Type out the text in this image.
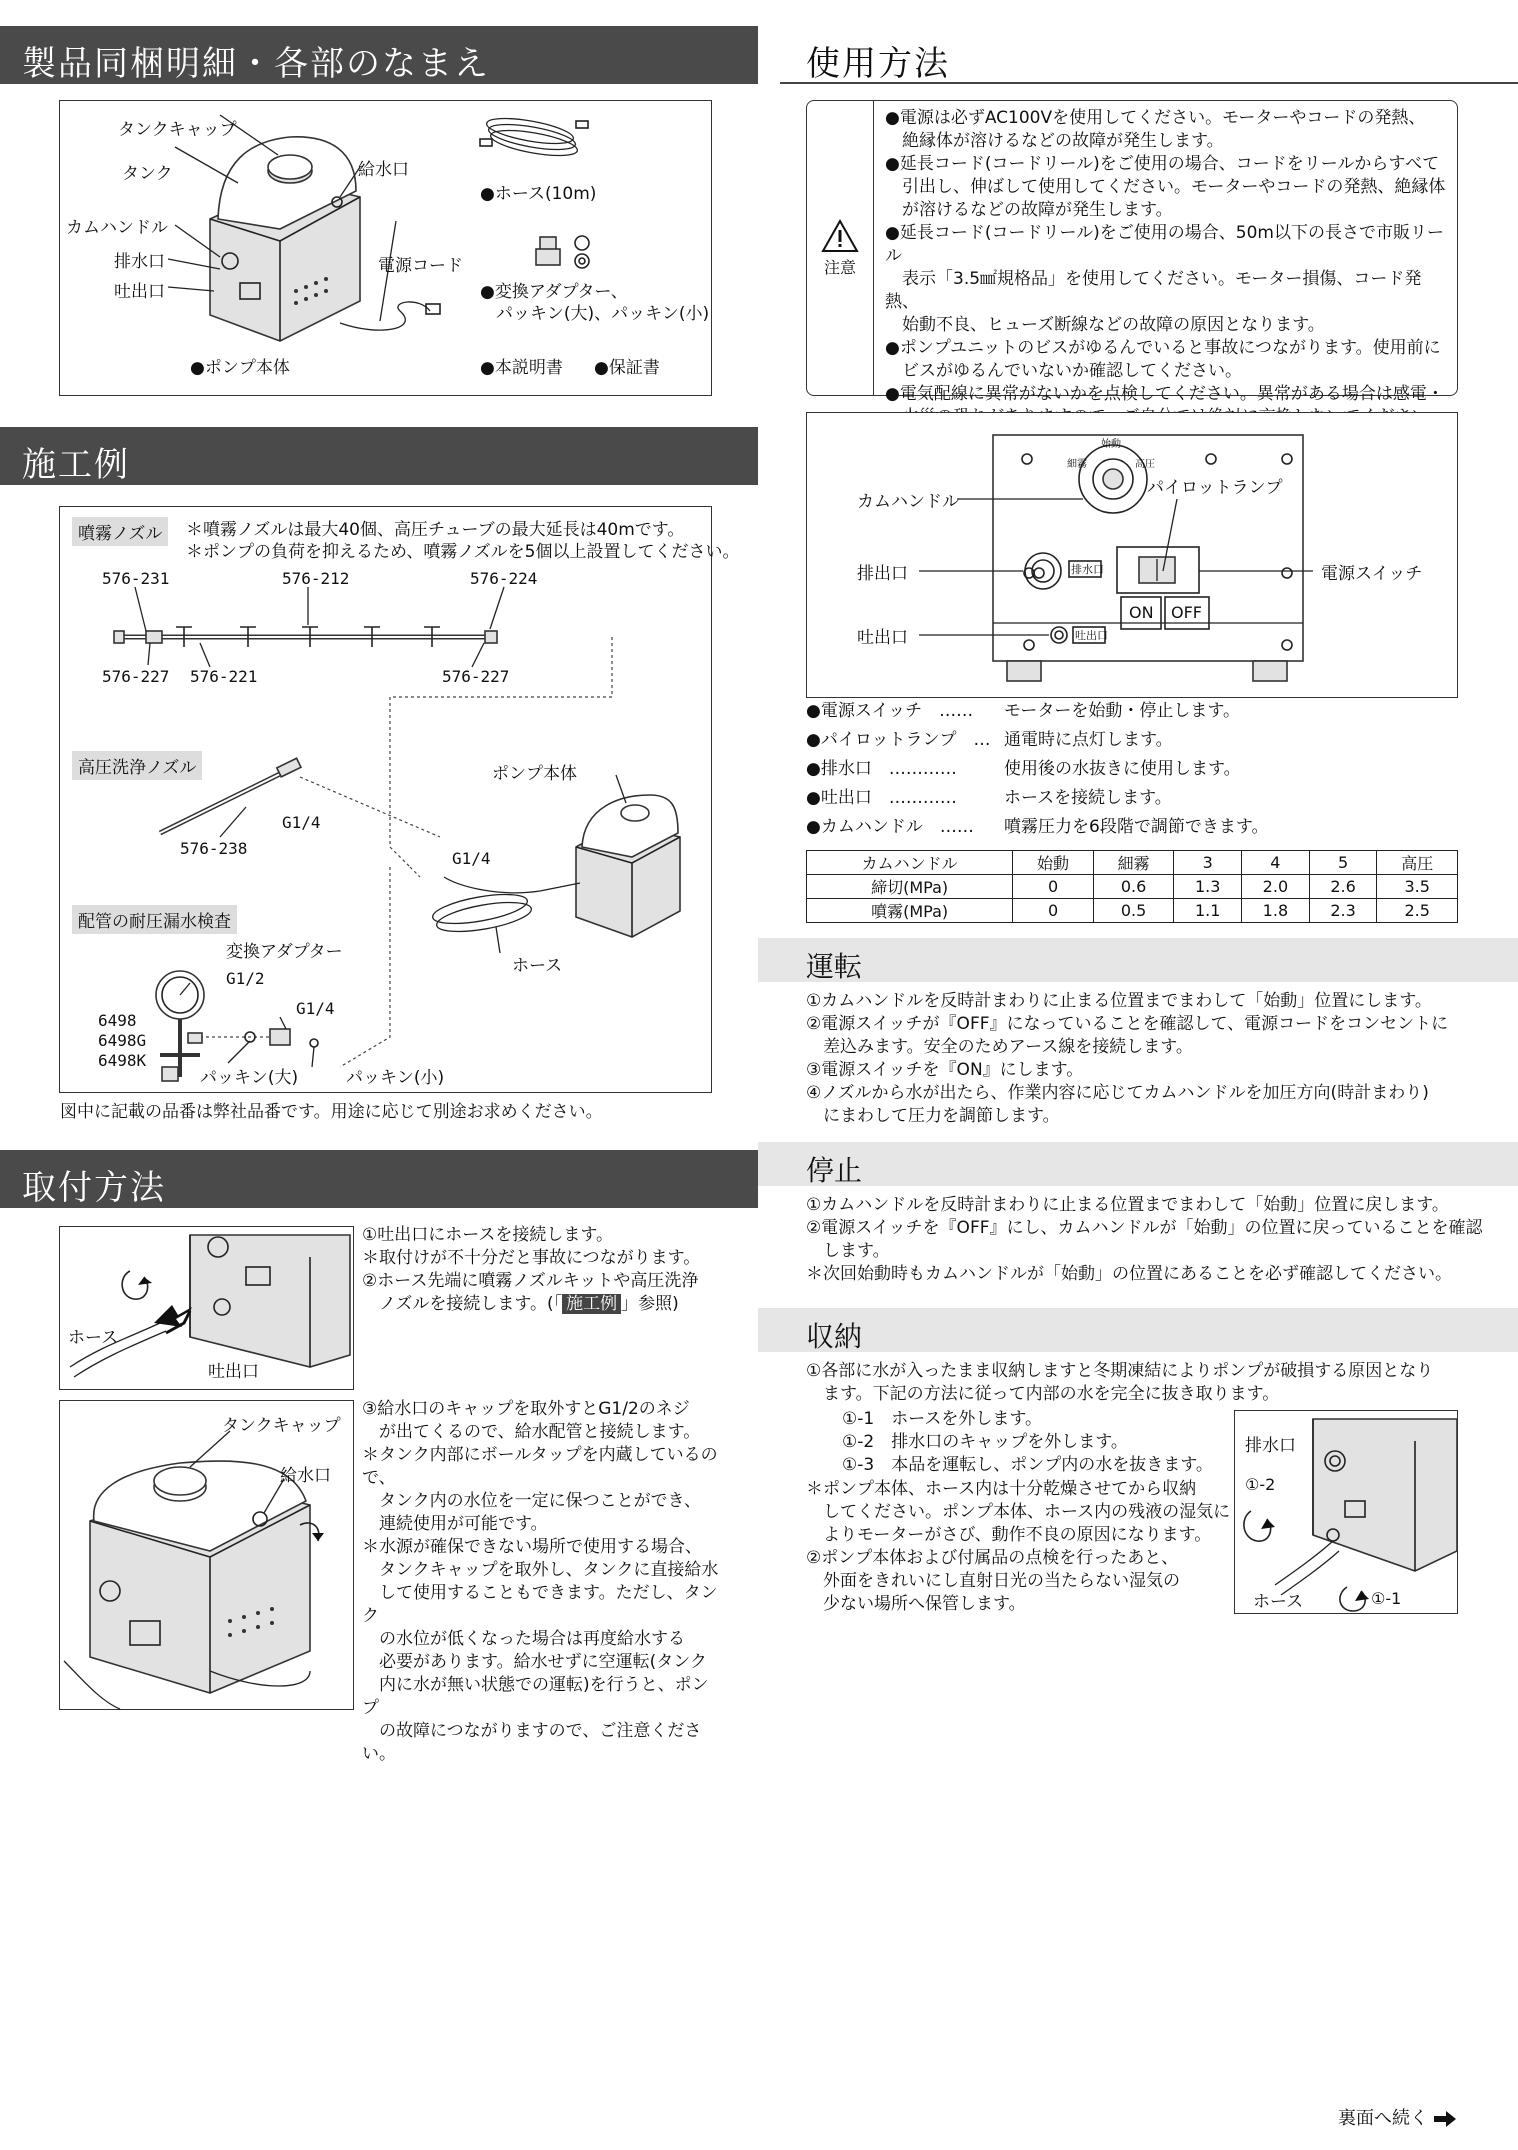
製品同梱明細・各部のなまえ
タンクキャップ
タンク
カムハンドル
排水口
吐出口
給水口
電源コード
●ホース(10m)
●変換アダプター、
パッキン(大)、パッキン(小)
●ポンプ本体	●本説明書 ●保証書
施工例
噴霧ノズル	＊噴霧ノズルは最大40個、高圧チューブの最大延長は40mです。
＊ポンプの負荷を抑えるため、噴霧ノズルを5個以上設置してください。
576-231	576-212	576-224
576-227 576-221	576-227
高圧洗浄ノズル
576-238
G1/4
ポンプ本体
G1/4
ホース
配管の耐圧漏水検査
変換アダプター
G1/2
G1/4
6498
6498G
6498K
パッキン(大)	パッキン(小)
図中に記載の品番は弊社品番です。用途に応じて別途お求めください。
取付方法
ホース
吐出口

①吐出口にホースを接続します。

＊取付けが不十分だと事故につながります。

②ホース先端に噴霧ノズルキットや高圧洗浄

　ノズルを接続します。(「 施工例 」参照)

タンクキャップ
給水口

③給水口のキャップを取外すとG1/2のネジ

　が出てくるので、給水配管と接続します。

＊タンク内部にボールタップを内蔵しているので、

　タンク内の水位を一定に保つことができ、

　連続使用が可能です。

＊水源が確保できない場所で使用する場合、

　タンクキャップを取外し、タンクに直接給水

　して使用することもできます。ただし、タンク

　の水位が低くなった場合は再度給水する

　必要があります。給水せずに空運転(タンク

　内に水が無い状態での運転)を行うと、ポンプ

　の故障につながりますので、ご注意ください。

使用方法
注意

●電源は必ずAC100Vを使用してください。モーターやコードの発熱、

　絶縁体が溶けるなどの故障が発生します。

●延長コード(コードリール)をご使用の場合、コードをリールからすべて

　引出し、伸ばして使用してください。モーターやコードの発熱、絶縁体

　が溶けるなどの故障が発生します。

●延長コード(コードリール)をご使用の場合、50m以下の長さで市販リール

　表示「3.5㎟規格品」を使用してください。モーター損傷、コード発熱、

　始動不良、ヒューズ断線などの故障の原因となります。

●ポンプユニットのビスがゆるんでいると事故につながります。使用前に

　ビスがゆるんでいないか確認してください。

●電気配線に異常がないかを点検してください。異常がある場合は感電・

カムハンドル
パイロットランプ
排出口	電源スイッチ
吐出口
ON OFF
排水口
吐出口
始動
細霧	高圧
●電源スイッチ　…… モーターを始動・停止します。
●パイロットランプ　… 通電時に点灯します。
●排水口　…………	使用後の水抜きに使用します。
●吐出口　…………	ホースを接続します。
●カムハンドル　…… 噴霧圧力を6段階で調節できます。
カムハンドル	始動	細霧	3	4	5	高圧
締切(MPa)	0	0.6	1.3	2.0	2.6	3.5
噴霧(MPa)	0	0.5	1.1	1.8	2.3	2.5
運転

①カムハンドルを反時計まわりに止まる位置までまわして「始動」位置にします。

②電源スイッチが『OFF』になっていることを確認して、電源コードをコンセントに

　差込みます。安全のためアース線を接続します。

③電源スイッチを『ON』にします。

④ノズルから水が出たら、作業内容に応じてカムハンドルを加圧方向(時計まわり)

　にまわして圧力を調節します。

停止

①カムハンドルを反時計まわりに止まる位置までまわして「始動」位置に戻します。

②電源スイッチを『OFF』にし、カムハンドルが「始動」の位置に戻っていることを確認

　します。

＊次回始動時もカムハンドルが「始動」の位置にあることを必ず確認してください。

収納

①各部に水が入ったまま収納しますと冬期凍結によりポンプが破損する原因となり

　ます。下記の方法に従って内部の水を完全に抜き取ります。

①-1　ホースを外します。

①-2　排水口のキャップを外します。

①-3　本品を運転し、ポンプ内の水を抜きます。

＊ポンプ本体、ホース内は十分乾燥させてから収納

　してください。ポンプ本体、ホース内の残液の湿気に

　よりモーターがさび、動作不良の原因になります。

②ポンプ本体および付属品の点検を行ったあと、

　外面をきれいにし直射日光の当たらない湿気の

　少ない場所へ保管します。

排水口
①-2
ホース	①-1
裏面へ続く
